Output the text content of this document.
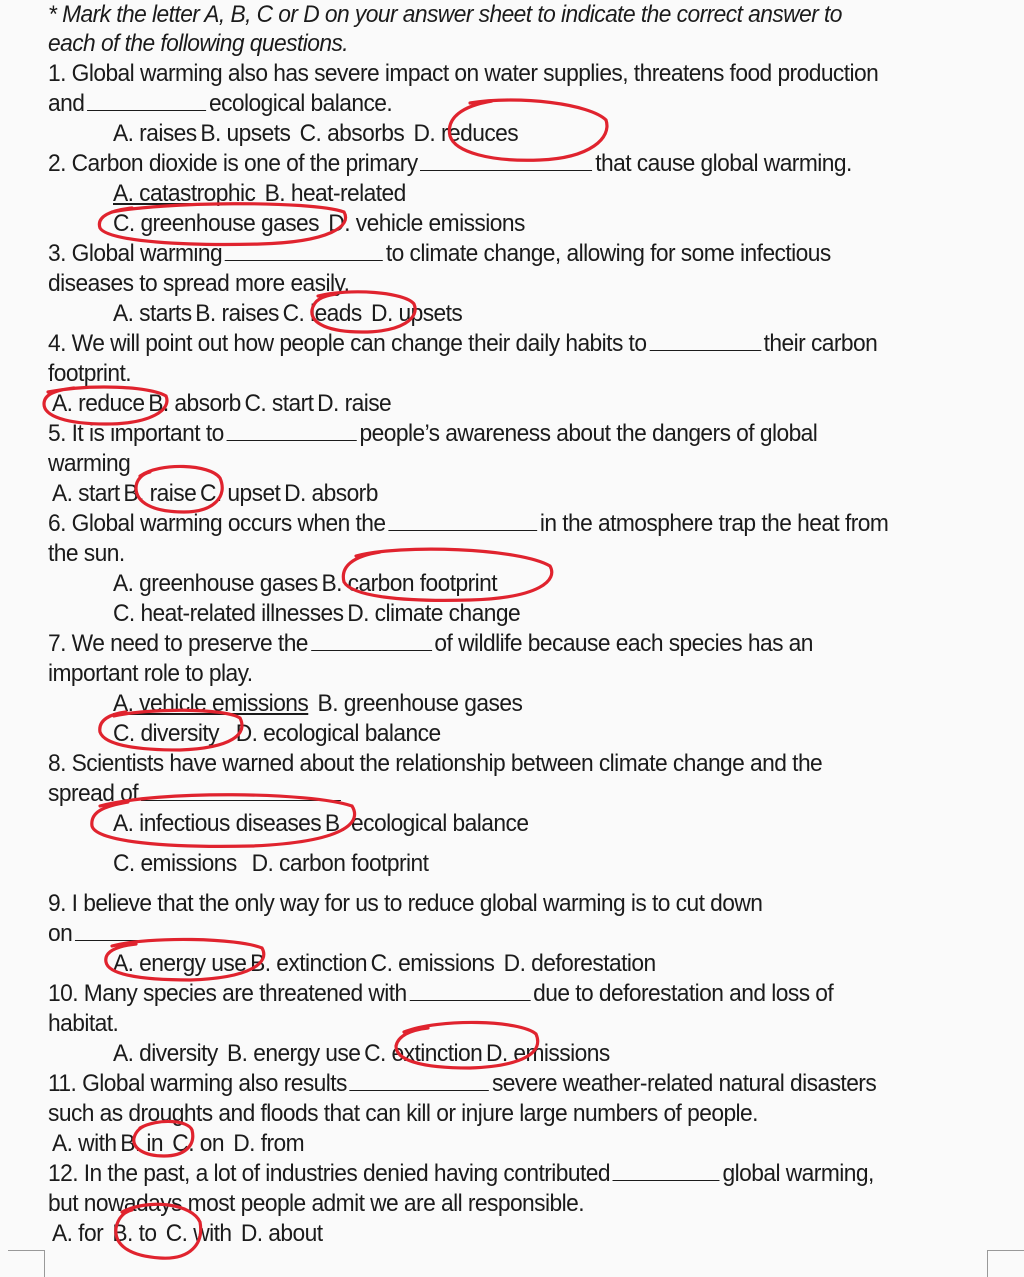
* Mark the letter A, B, C or D on your answer sheet to indicate the correct answer to
each of the following questions.
1. Global warming also has severe impact on water supplies, threatens food production
and	ecological balance.
A. raises B. upsets C. absorbs D. reduces
2. Carbon dioxide is one of the primary	that cause global warming.
A. catastrophic B. heat-related
C. greenhouse gases D. vehicle emissions
3. Global warming	to climate change, allowing for some infectious
diseases to spread more easily.
A. starts B. raises C. leads D. upsets
4. We will point out how people can change their daily habits to	their carbon
footprint.
A. reduce B. absorb C. start D. raise
5. It is important to	people’s awareness about the dangers of global
warming
A. start B. raise C. upset D. absorb
6. Global warming occurs when the	in the atmosphere trap the heat from
the sun.
A. greenhouse gases B. carbon footprint
C. heat-related illnesses D. climate change
7. We need to preserve the	of wildlife because each species has an
important role to play.
A. vehicle emissions B. greenhouse gases
C. diversity D. ecological balance
8. Scientists have warned about the relationship between climate change and the
spread of
A. infectious diseases B. ecological balance
C. emissions D. carbon footprint
9. I believe that the only way for us to reduce global warming is to cut down
on
A. energy use B. extinction C. emissions D. deforestation
10. Many species are threatened with	due to deforestation and loss of
habitat.
A. diversity B. energy use C. extinction D. emissions
11. Global warming also results	severe weather-related natural disasters
such as droughts and floods that can kill or injure large numbers of people.
A. with B. in C. on D. from
12. In the past, a lot of industries denied having contributed	global warming,
but nowadays most people admit we are all responsible.
A. for B. to C. with D. about
